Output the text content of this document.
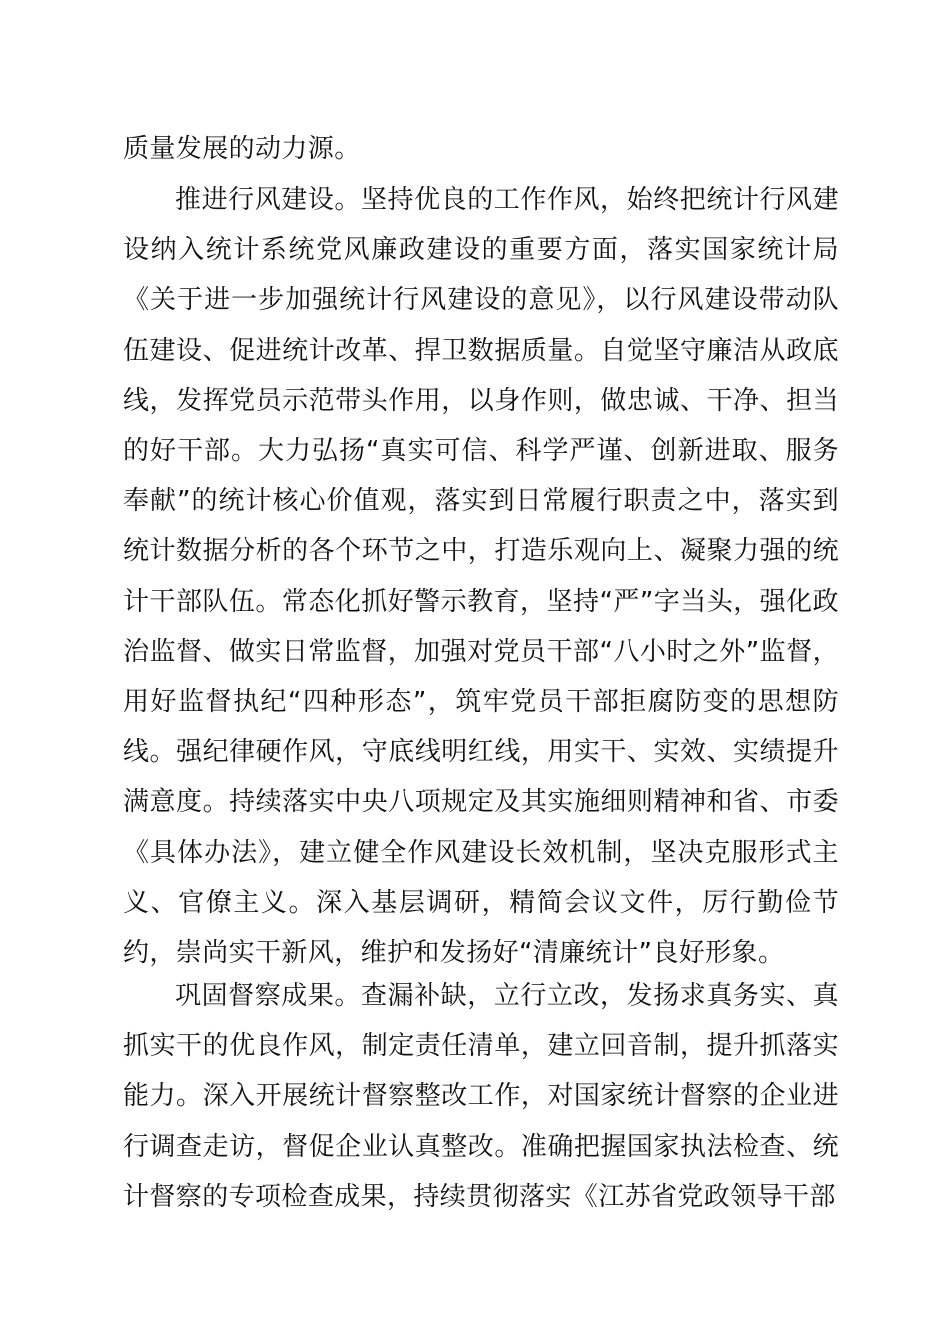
质量发展的动力源。

推进行风建设。坚持优良的工作作风，始终把统计行风建设纳入统计系统党风廉政建设的重要方面，落实国家统计局《关于进一步加强统计行风建设的意见》，以行风建设带动队伍建设、促进统计改革、捍卫数据质量。自觉坚守廉洁从政底线，发挥党员示范带头作用，以身作则，做忠诚、干净、担当的好干部。大力弘扬“真实可信、科学严谨、创新进取、服务奉献”的统计核心价值观，落实到日常履行职责之中，落实到统计数据分析的各个环节之中，打造乐观向上、凝聚力强的统计干部队伍。常态化抓好警示教育，坚持“严”字当头，强化政治监督、做实日常监督，加强对党员干部“八小时之外”监督，用好监督执纪“四种形态”，筑牢党员干部拒腐防变的思想防线。强纪律硬作风，守底线明红线，用实干、实效、实绩提升满意度。持续落实中央八项规定及其实施细则精神和省、市委《具体办法》，建立健全作风建设长效机制，坚决克服形式主义、官僚主义。深入基层调研，精简会议文件，厉行勤俭节约，崇尚实干新风，维护和发扬好“清廉统计”良好形象。

巩固督察成果。查漏补缺，立行立改，发扬求真务实、真抓实干的优良作风，制定责任清单，建立回音制，提升抓落实能力。深入开展统计督察整改工作，对国家统计督察的企业进行调查走访，督促企业认真整改。准确把握国家执法检查、统计督察的专项检查成果，持续贯彻落实《江苏省党政领导干部
